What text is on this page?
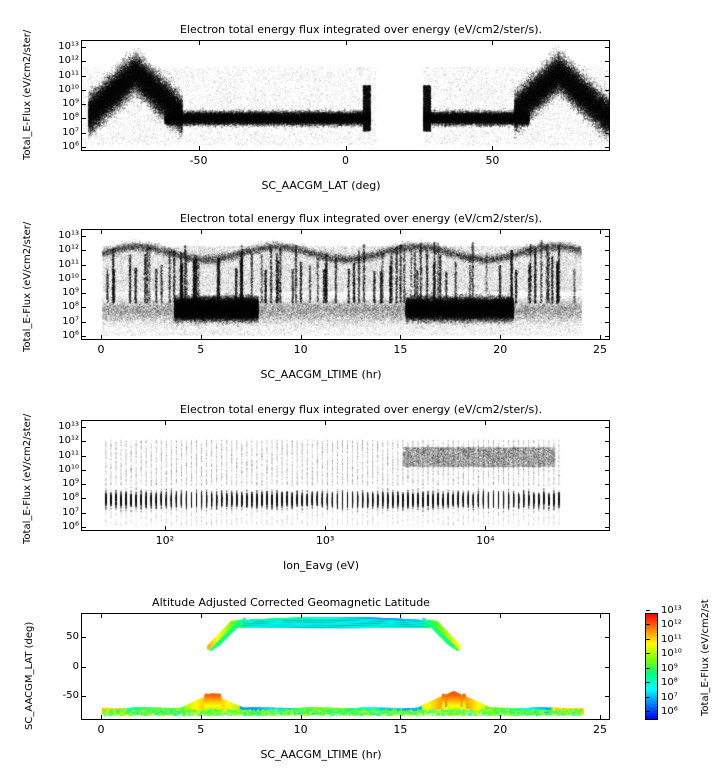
Electron total energy flux integrated over energy (eV/cm2/ster/s).
Total_E-Flux (eV/cm2/ster/
SC_AACGM_LAT (deg)
-50	0	50
10⁶
10⁷
10⁸
10⁹
10¹⁰
10¹¹
10¹²
10¹³
Electron total energy flux integrated over energy (eV/cm2/ster/s).
Total_E-Flux (eV/cm2/ster/
SC_AACGM_LTIME (hr)
0	5	10	15	20	25
10⁶
10⁷
10⁸
10⁹
10¹⁰
10¹¹
10¹²
10¹³
Electron total energy flux integrated over energy (eV/cm2/ster/s).
Total_E-Flux (eV/cm2/ster/
Ion_Eavg (eV)
10²	10³	10⁴
10⁶
10⁷
10⁸
10⁹
10¹⁰
10¹¹
10¹²
10¹³
Altitude Adjusted Corrected Geomagnetic Latitude
SC_AACGM_LAT (deg)
SC_AACGM_LTIME (hr)
Total_E-Flux (eV/cm2/st
0	5	10	15	20	25
-50
0
50
10⁶
10⁷
10⁸
10⁹
10¹⁰
10¹¹
10¹²
10¹³
